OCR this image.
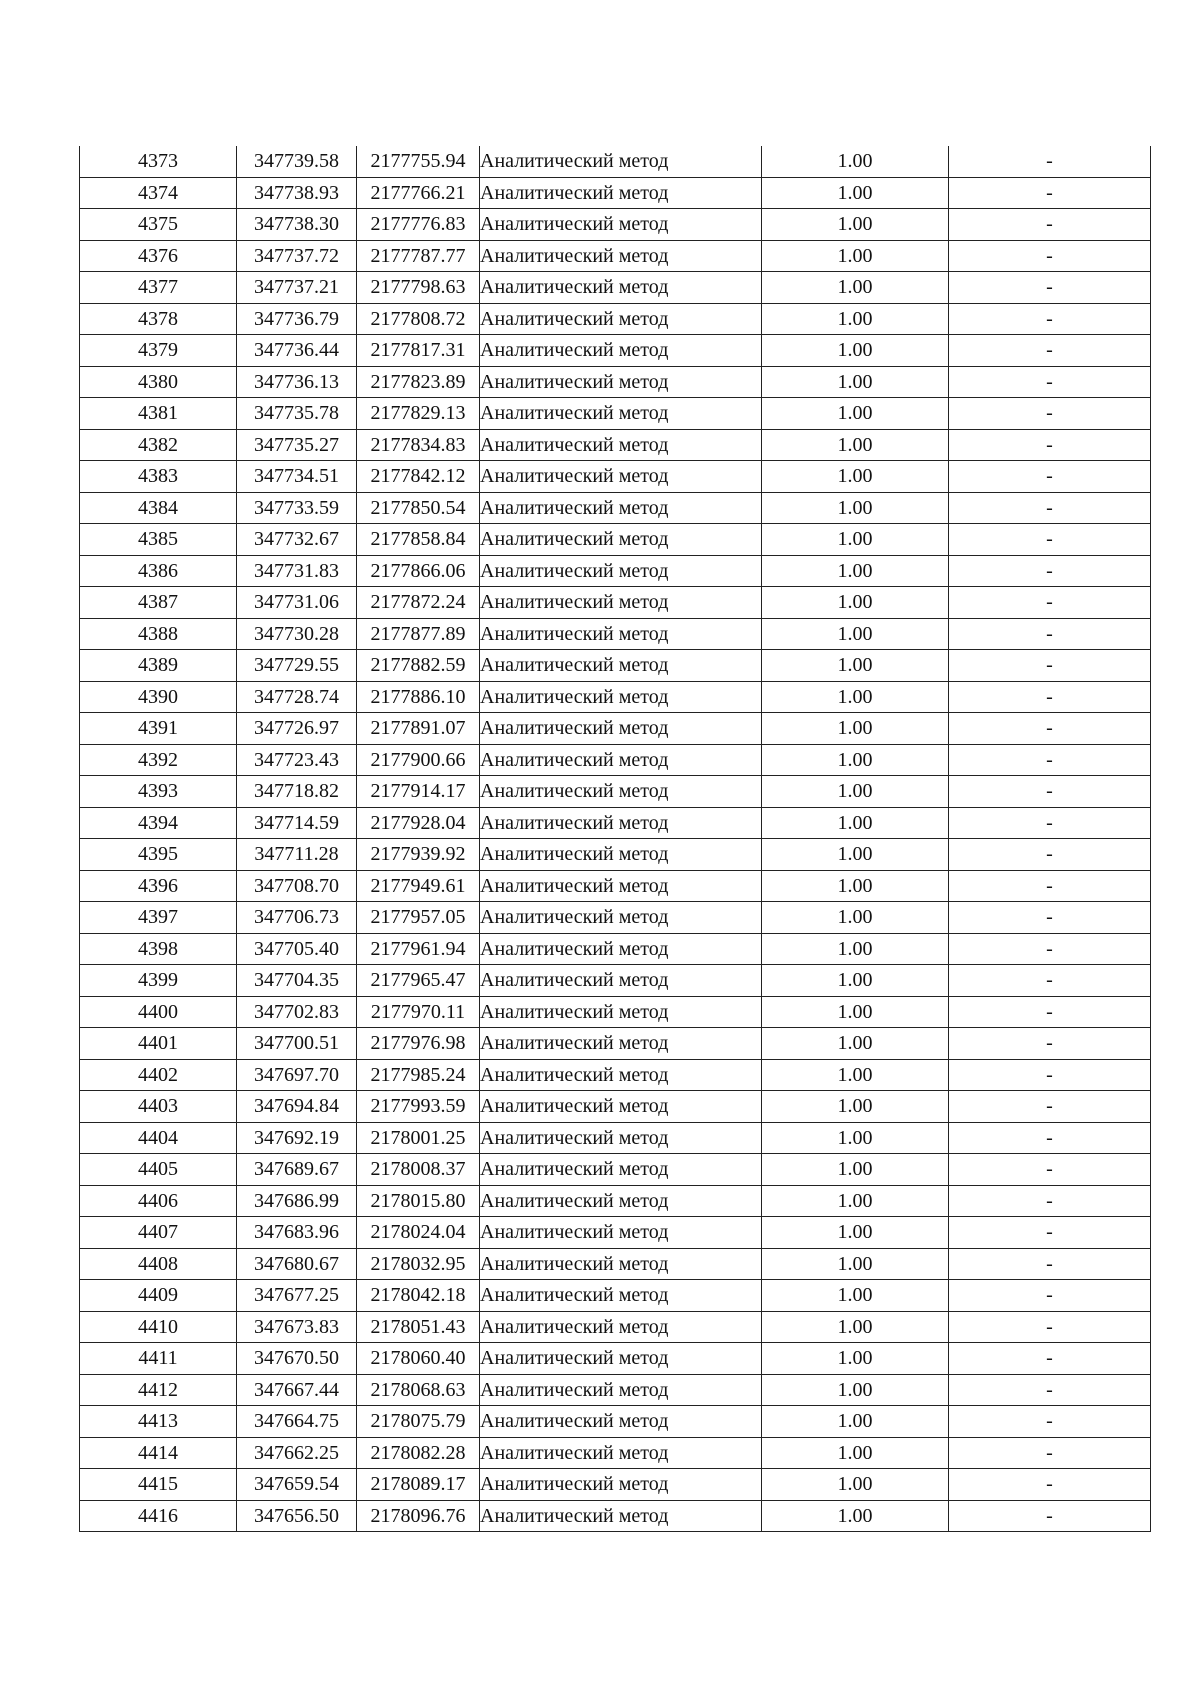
4373	347739.58	2177755.94	Аналитический метод	1.00	-
4374	347738.93	2177766.21	Аналитический метод	1.00	-
4375	347738.30	2177776.83	Аналитический метод	1.00	-
4376	347737.72	2177787.77	Аналитический метод	1.00	-
4377	347737.21	2177798.63	Аналитический метод	1.00	-
4378	347736.79	2177808.72	Аналитический метод	1.00	-
4379	347736.44	2177817.31	Аналитический метод	1.00	-
4380	347736.13	2177823.89	Аналитический метод	1.00	-
4381	347735.78	2177829.13	Аналитический метод	1.00	-
4382	347735.27	2177834.83	Аналитический метод	1.00	-
4383	347734.51	2177842.12	Аналитический метод	1.00	-
4384	347733.59	2177850.54	Аналитический метод	1.00	-
4385	347732.67	2177858.84	Аналитический метод	1.00	-
4386	347731.83	2177866.06	Аналитический метод	1.00	-
4387	347731.06	2177872.24	Аналитический метод	1.00	-
4388	347730.28	2177877.89	Аналитический метод	1.00	-
4389	347729.55	2177882.59	Аналитический метод	1.00	-
4390	347728.74	2177886.10	Аналитический метод	1.00	-
4391	347726.97	2177891.07	Аналитический метод	1.00	-
4392	347723.43	2177900.66	Аналитический метод	1.00	-
4393	347718.82	2177914.17	Аналитический метод	1.00	-
4394	347714.59	2177928.04	Аналитический метод	1.00	-
4395	347711.28	2177939.92	Аналитический метод	1.00	-
4396	347708.70	2177949.61	Аналитический метод	1.00	-
4397	347706.73	2177957.05	Аналитический метод	1.00	-
4398	347705.40	2177961.94	Аналитический метод	1.00	-
4399	347704.35	2177965.47	Аналитический метод	1.00	-
4400	347702.83	2177970.11	Аналитический метод	1.00	-
4401	347700.51	2177976.98	Аналитический метод	1.00	-
4402	347697.70	2177985.24	Аналитический метод	1.00	-
4403	347694.84	2177993.59	Аналитический метод	1.00	-
4404	347692.19	2178001.25	Аналитический метод	1.00	-
4405	347689.67	2178008.37	Аналитический метод	1.00	-
4406	347686.99	2178015.80	Аналитический метод	1.00	-
4407	347683.96	2178024.04	Аналитический метод	1.00	-
4408	347680.67	2178032.95	Аналитический метод	1.00	-
4409	347677.25	2178042.18	Аналитический метод	1.00	-
4410	347673.83	2178051.43	Аналитический метод	1.00	-
4411	347670.50	2178060.40	Аналитический метод	1.00	-
4412	347667.44	2178068.63	Аналитический метод	1.00	-
4413	347664.75	2178075.79	Аналитический метод	1.00	-
4414	347662.25	2178082.28	Аналитический метод	1.00	-
4415	347659.54	2178089.17	Аналитический метод	1.00	-
4416	347656.50	2178096.76	Аналитический метод	1.00	-
